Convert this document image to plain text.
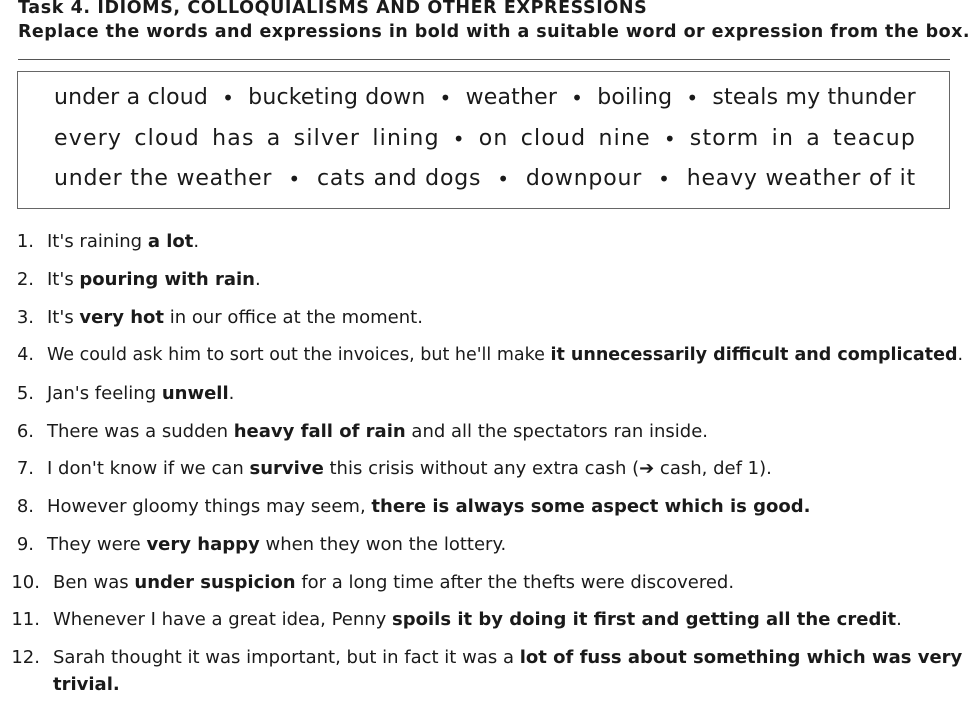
Task 4. IDIOMS, COLLOQUIALISMS AND OTHER EXPRESSIONS
Replace the words and expressions in bold with a suitable word or expression from the box.
under a cloud • bucketing down • weather • boiling • steals my thunder
every cloud has a silver lining • on cloud nine • storm in a teacup
under the weather • cats and dogs • downpour • heavy weather of it
1. It's raining a lot.
2. It's pouring with rain.
3. It's very hot in our office at the moment.
4. We could ask him to sort out the invoices, but he'll make it unnecessarily difficult and complicated.
5. Jan's feeling unwell.
6. There was a sudden heavy fall of rain and all the spectators ran inside.
7. I don't know if we can survive this crisis without any extra cash (➔ cash, def 1).
8. However gloomy things may seem, there is always some aspect which is good.
9. They were very happy when they won the lottery.
10. Ben was under suspicion for a long time after the thefts were discovered.
11. Whenever I have a great idea, Penny spoils it by doing it first and getting all the credit.
12. Sarah thought it was important, but in fact it was a lot of fuss about something which was very
trivial.
